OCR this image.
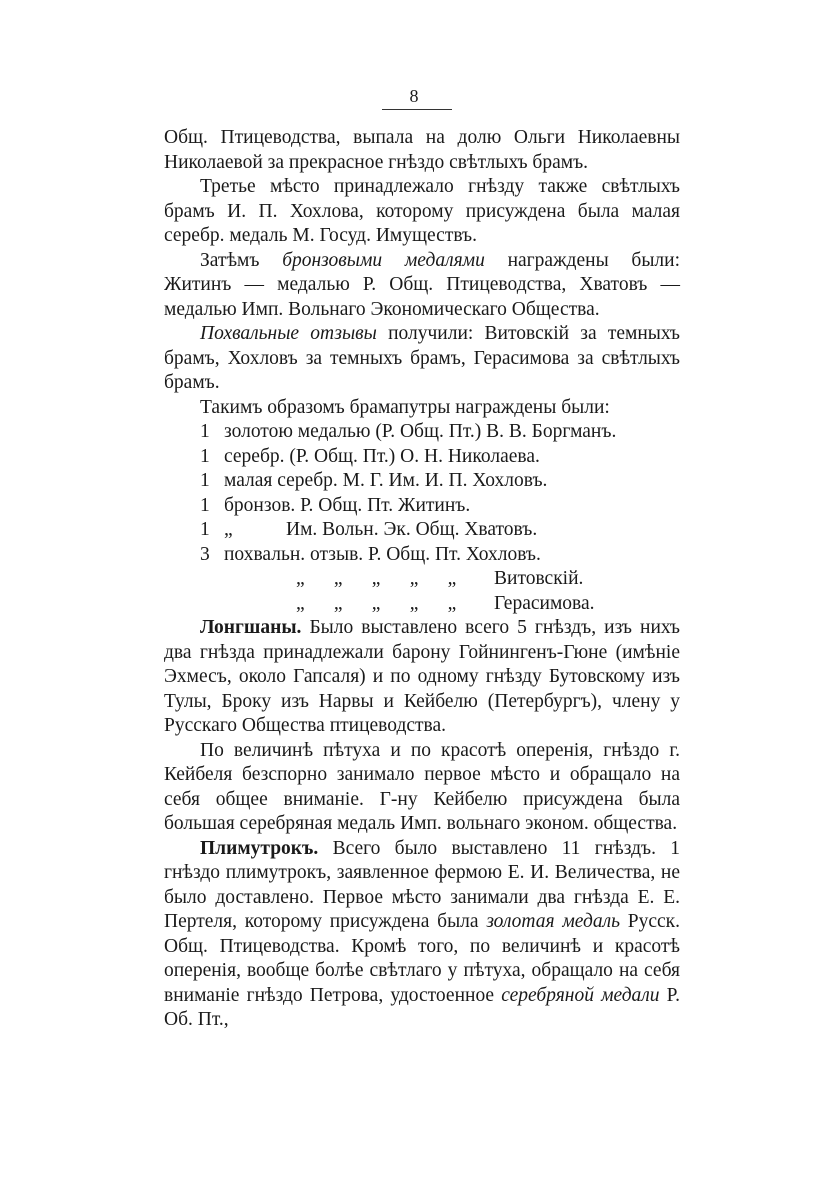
8

Общ. Птицеводства, выпала на долю Ольги Николаевны Николаевой за прекрасное гнѣздо свѣтлыхъ брамъ.

Третье мѣсто принадлежало гнѣзду также свѣтлыхъ брамъ И. П. Хохлова, которому присуждена была малая серебр. медаль М. Госуд. Имуществъ.

Затѣмъ бронзовыми медалями награждены были: Житинъ — медалью Р. Общ. Птицеводства, Хватовъ — медалью Имп. Вольнаго Экономическаго Общества.

Похвальные отзывы получили: Витовскій за темныхъ брамъ, Хохловъ за темныхъ брамъ, Герасимова за свѣтлыхъ брамъ.

Такимъ образомъ брамапутры награждены были:

1 золотою медалью (Р. Общ. Пт.) В. В. Боргманъ.
1 серебр. (Р. Общ. Пт.) О. Н. Николаева.
1 малая серебр. М. Г. Им. И. П. Хохловъ.
1 бронзов. Р. Общ. Пт. Житинъ.
1 „	Им. Вольн. Эк. Общ. Хватовъ.
3 похвальн. отзыв. Р. Общ. Пт. Хохловъ.
„      „      „      „      „	Витовскій.
„      „      „      „      „	Герасимова.

Лонгшаны. Было выставлено всего 5 гнѣздъ, изъ нихъ два гнѣзда принадлежали барону Гойнингенъ-Гюне (имѣніе Эхмесъ, около Гапсаля) и по одному гнѣзду Бутовскому изъ Тулы, Броку изъ Нарвы и Кейбелю (Петербургъ), члену у Русскаго Общества птицеводства.

По величинѣ пѣтуха и по красотѣ оперенія, гнѣздо г. Кейбеля безспорно занимало первое мѣсто и обращало на себя общее вниманіе. Г-ну Кейбелю присуждена была большая серебряная медаль Имп. вольнаго эконом. общества.

Плимутрокъ. Всего было выставлено 11 гнѣздъ. 1 гнѣздо плимутрокъ, заявленное фермою Е. И. Величества, не было доставлено. Первое мѣсто занимали два гнѣзда Е. Е. Пертеля, которому присуждена была золотая медаль Русск. Общ. Птицеводства. Кромѣ того, по величинѣ и красотѣ оперенія, вообще болѣе свѣтлаго у пѣтуха, обращало на себя вниманіе гнѣздо Петрова, удостоенное серебряной медали Р. Об. Пт.,
